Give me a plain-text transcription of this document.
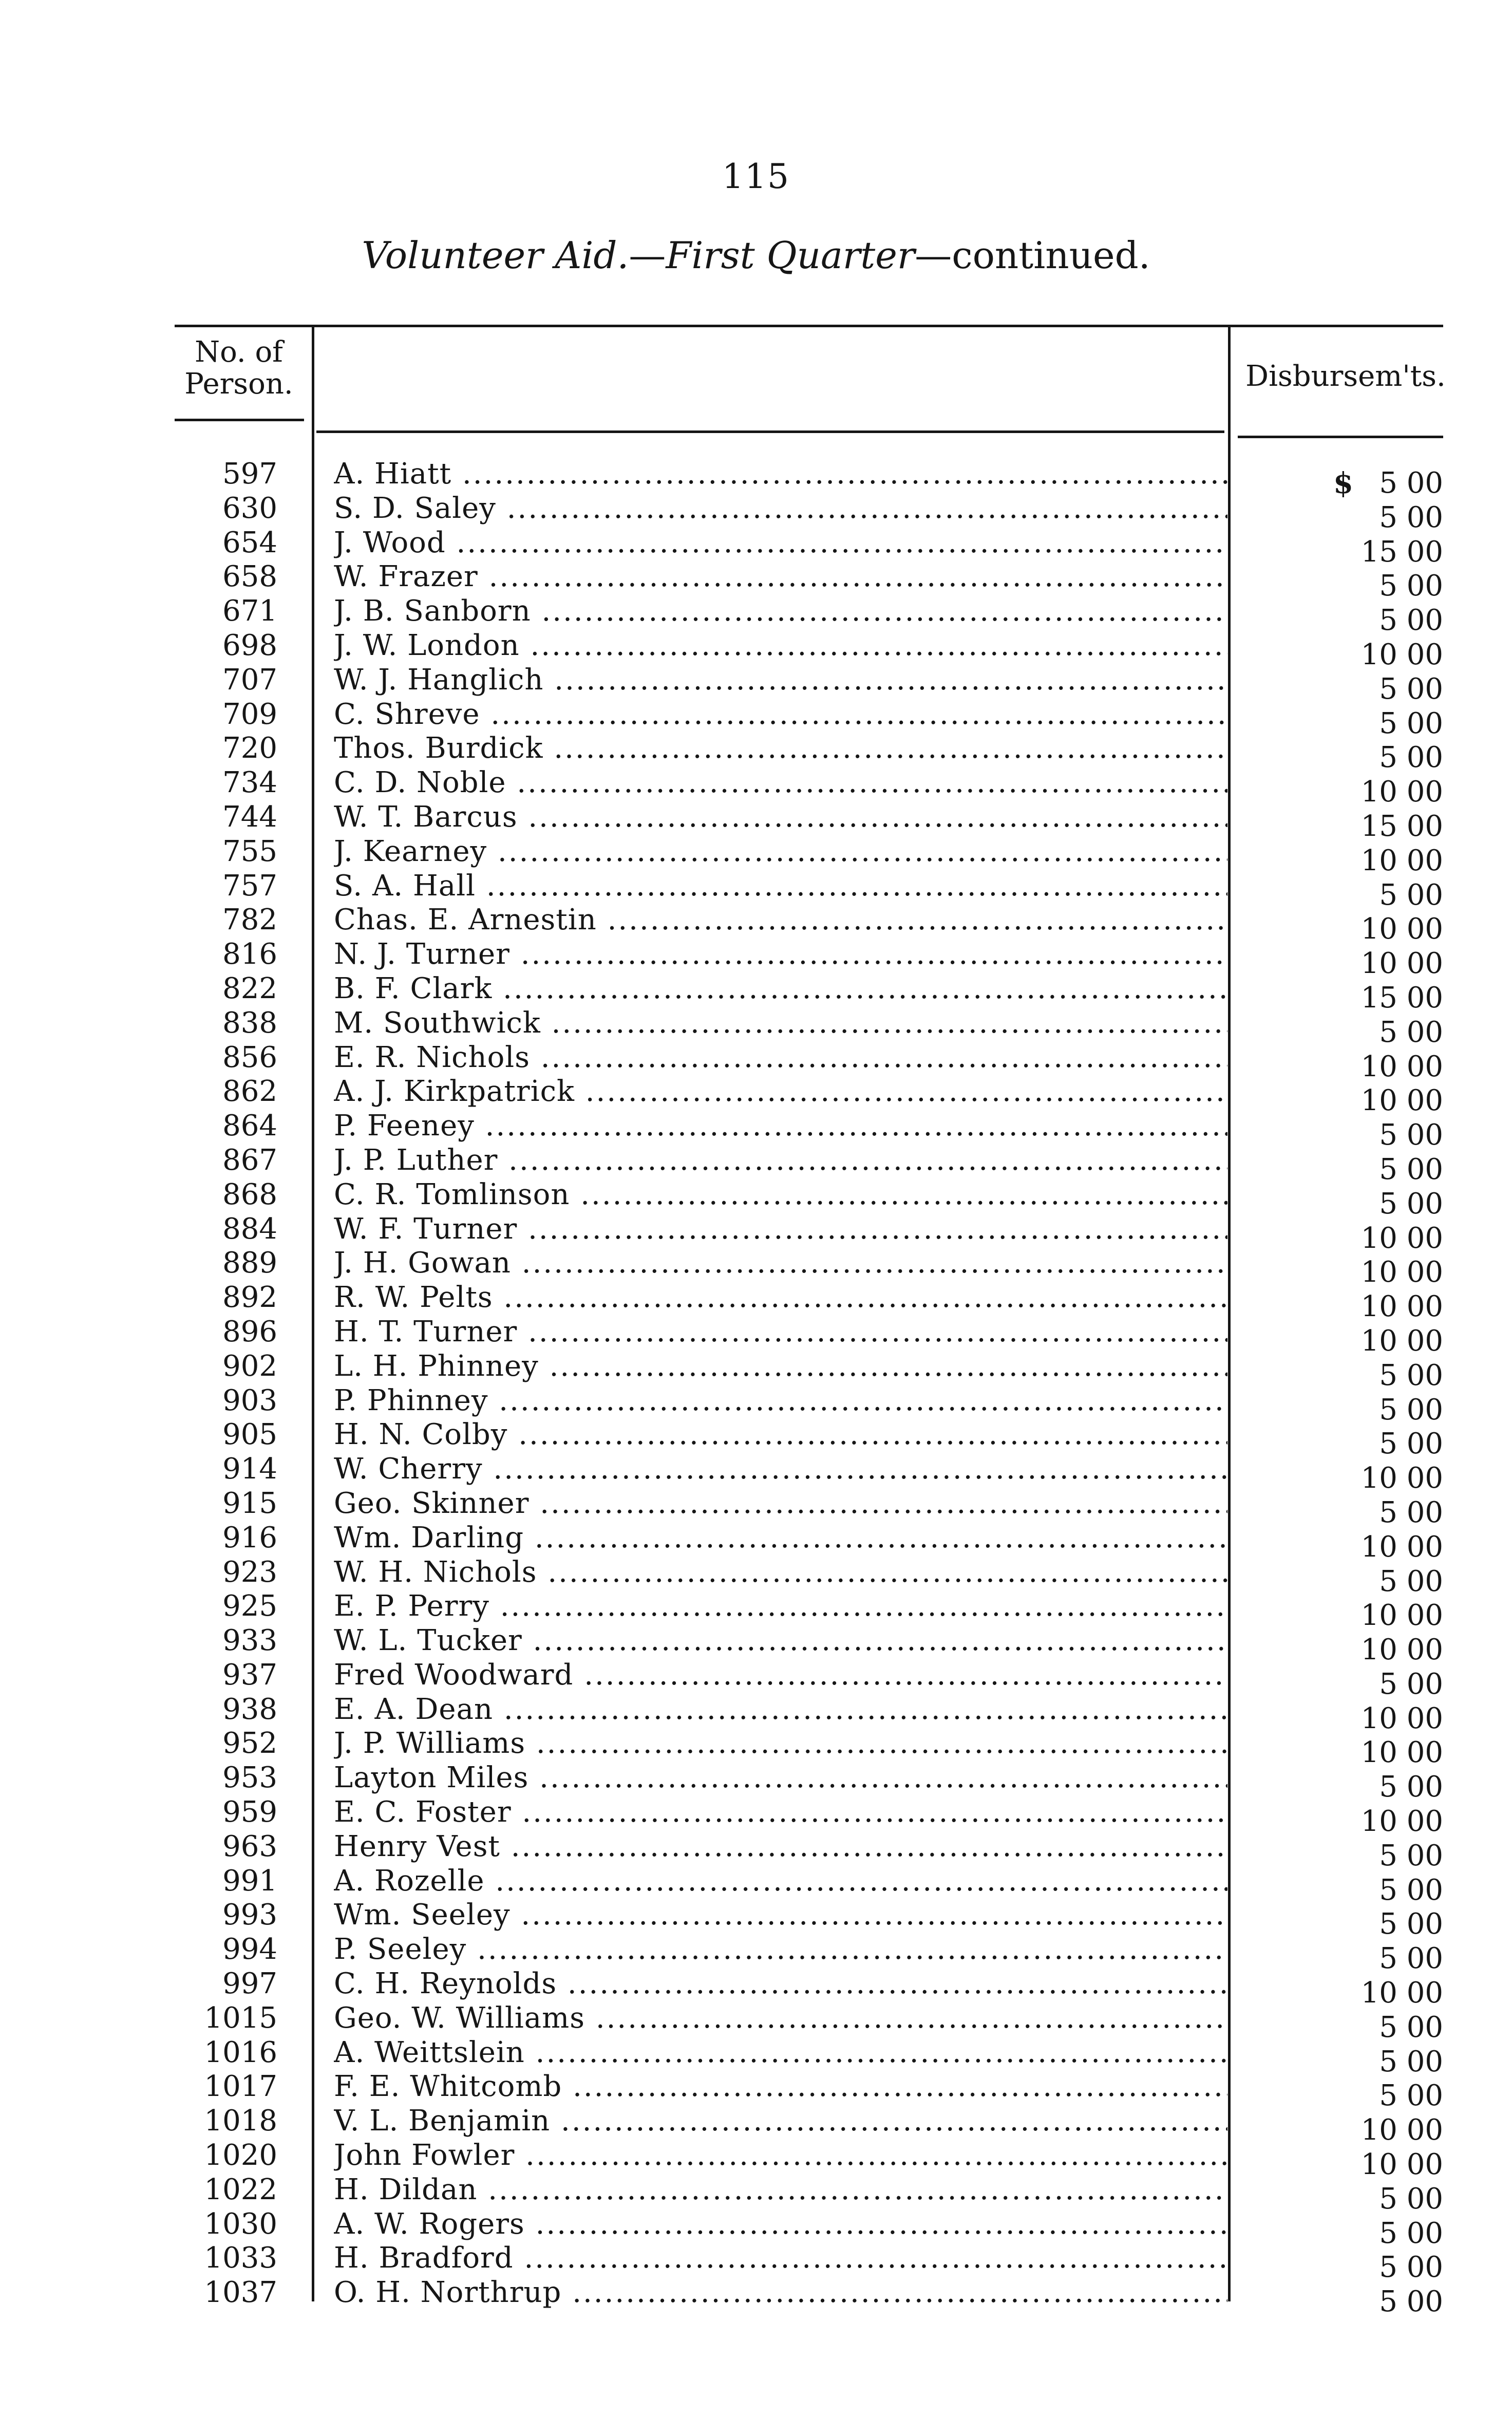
115
Volunteer Aid.—First Quarter—continued.
No. of
Person.	Disbursem'ts.
597 A. Hiatt .....	$ 5 00
630 S. D. Saley .....	5 00
654 J. Wood .....	15 00
658 W. Frazer .....	5 00
671 J. B. Sanborn .....	5 00
698 J. W. London .....	10 00
707 W. J. Hanglich .....	5 00
709 C. Shreve .....	5 00
720 Thos. Burdick .....	5 00
734 C. D. Noble .....	10 00
744 W. T. Barcus .....	15 00
755 J. Kearney .....	10 00
757 S. A. Hall .....	5 00
782 Chas. E. Arnestin .....	10 00
816 N. J. Turner .....	10 00
822 B. F. Clark .....	15 00
838 M. Southwick .....	5 00
856 E. R. Nichols .....	10 00
862 A. J. Kirkpatrick .....	10 00
864 P. Feeney .....	5 00
867 J. P. Luther .....	5 00
868 C. R. Tomlinson .....	5 00
884 W. F. Turner .....	10 00
889 J. H. Gowan .....	10 00
892 R. W. Pelts .....	10 00
896 H. T. Turner .....	10 00
902 L. H. Phinney .....	5 00
903 P. Phinney .....	5 00
905 H. N. Colby .....	5 00
914 W. Cherry .....	10 00
915 Geo. Skinner .....	5 00
916 Wm. Darling .....	10 00
923 W. H. Nichols .....	5 00
925 E. P. Perry .....	10 00
933 W. L. Tucker .....	10 00
937 Fred Woodward .....	5 00
938 E. A. Dean .....	10 00
952 J. P. Williams .....	10 00
953 Layton Miles .....	5 00
959 E. C. Foster .....	10 00
963 Henry Vest .....	5 00
991 A. Rozelle .....	5 00
993 Wm. Seeley .....	5 00
994 P. Seeley .....	5 00
997 C. H. Reynolds .....	10 00
1015 Geo. W. Williams .....	5 00
1016 A. Weittslein .....	5 00
1017 F. E. Whitcomb .....	5 00
1018 V. L. Benjamin .....	10 00
1020 John Fowler .....	10 00
1022 H. Dildan .....	5 00
1030 A. W. Rogers .....	5 00
1033 H. Bradford .....	5 00
1037 O. H. Northrup .....	5 00
